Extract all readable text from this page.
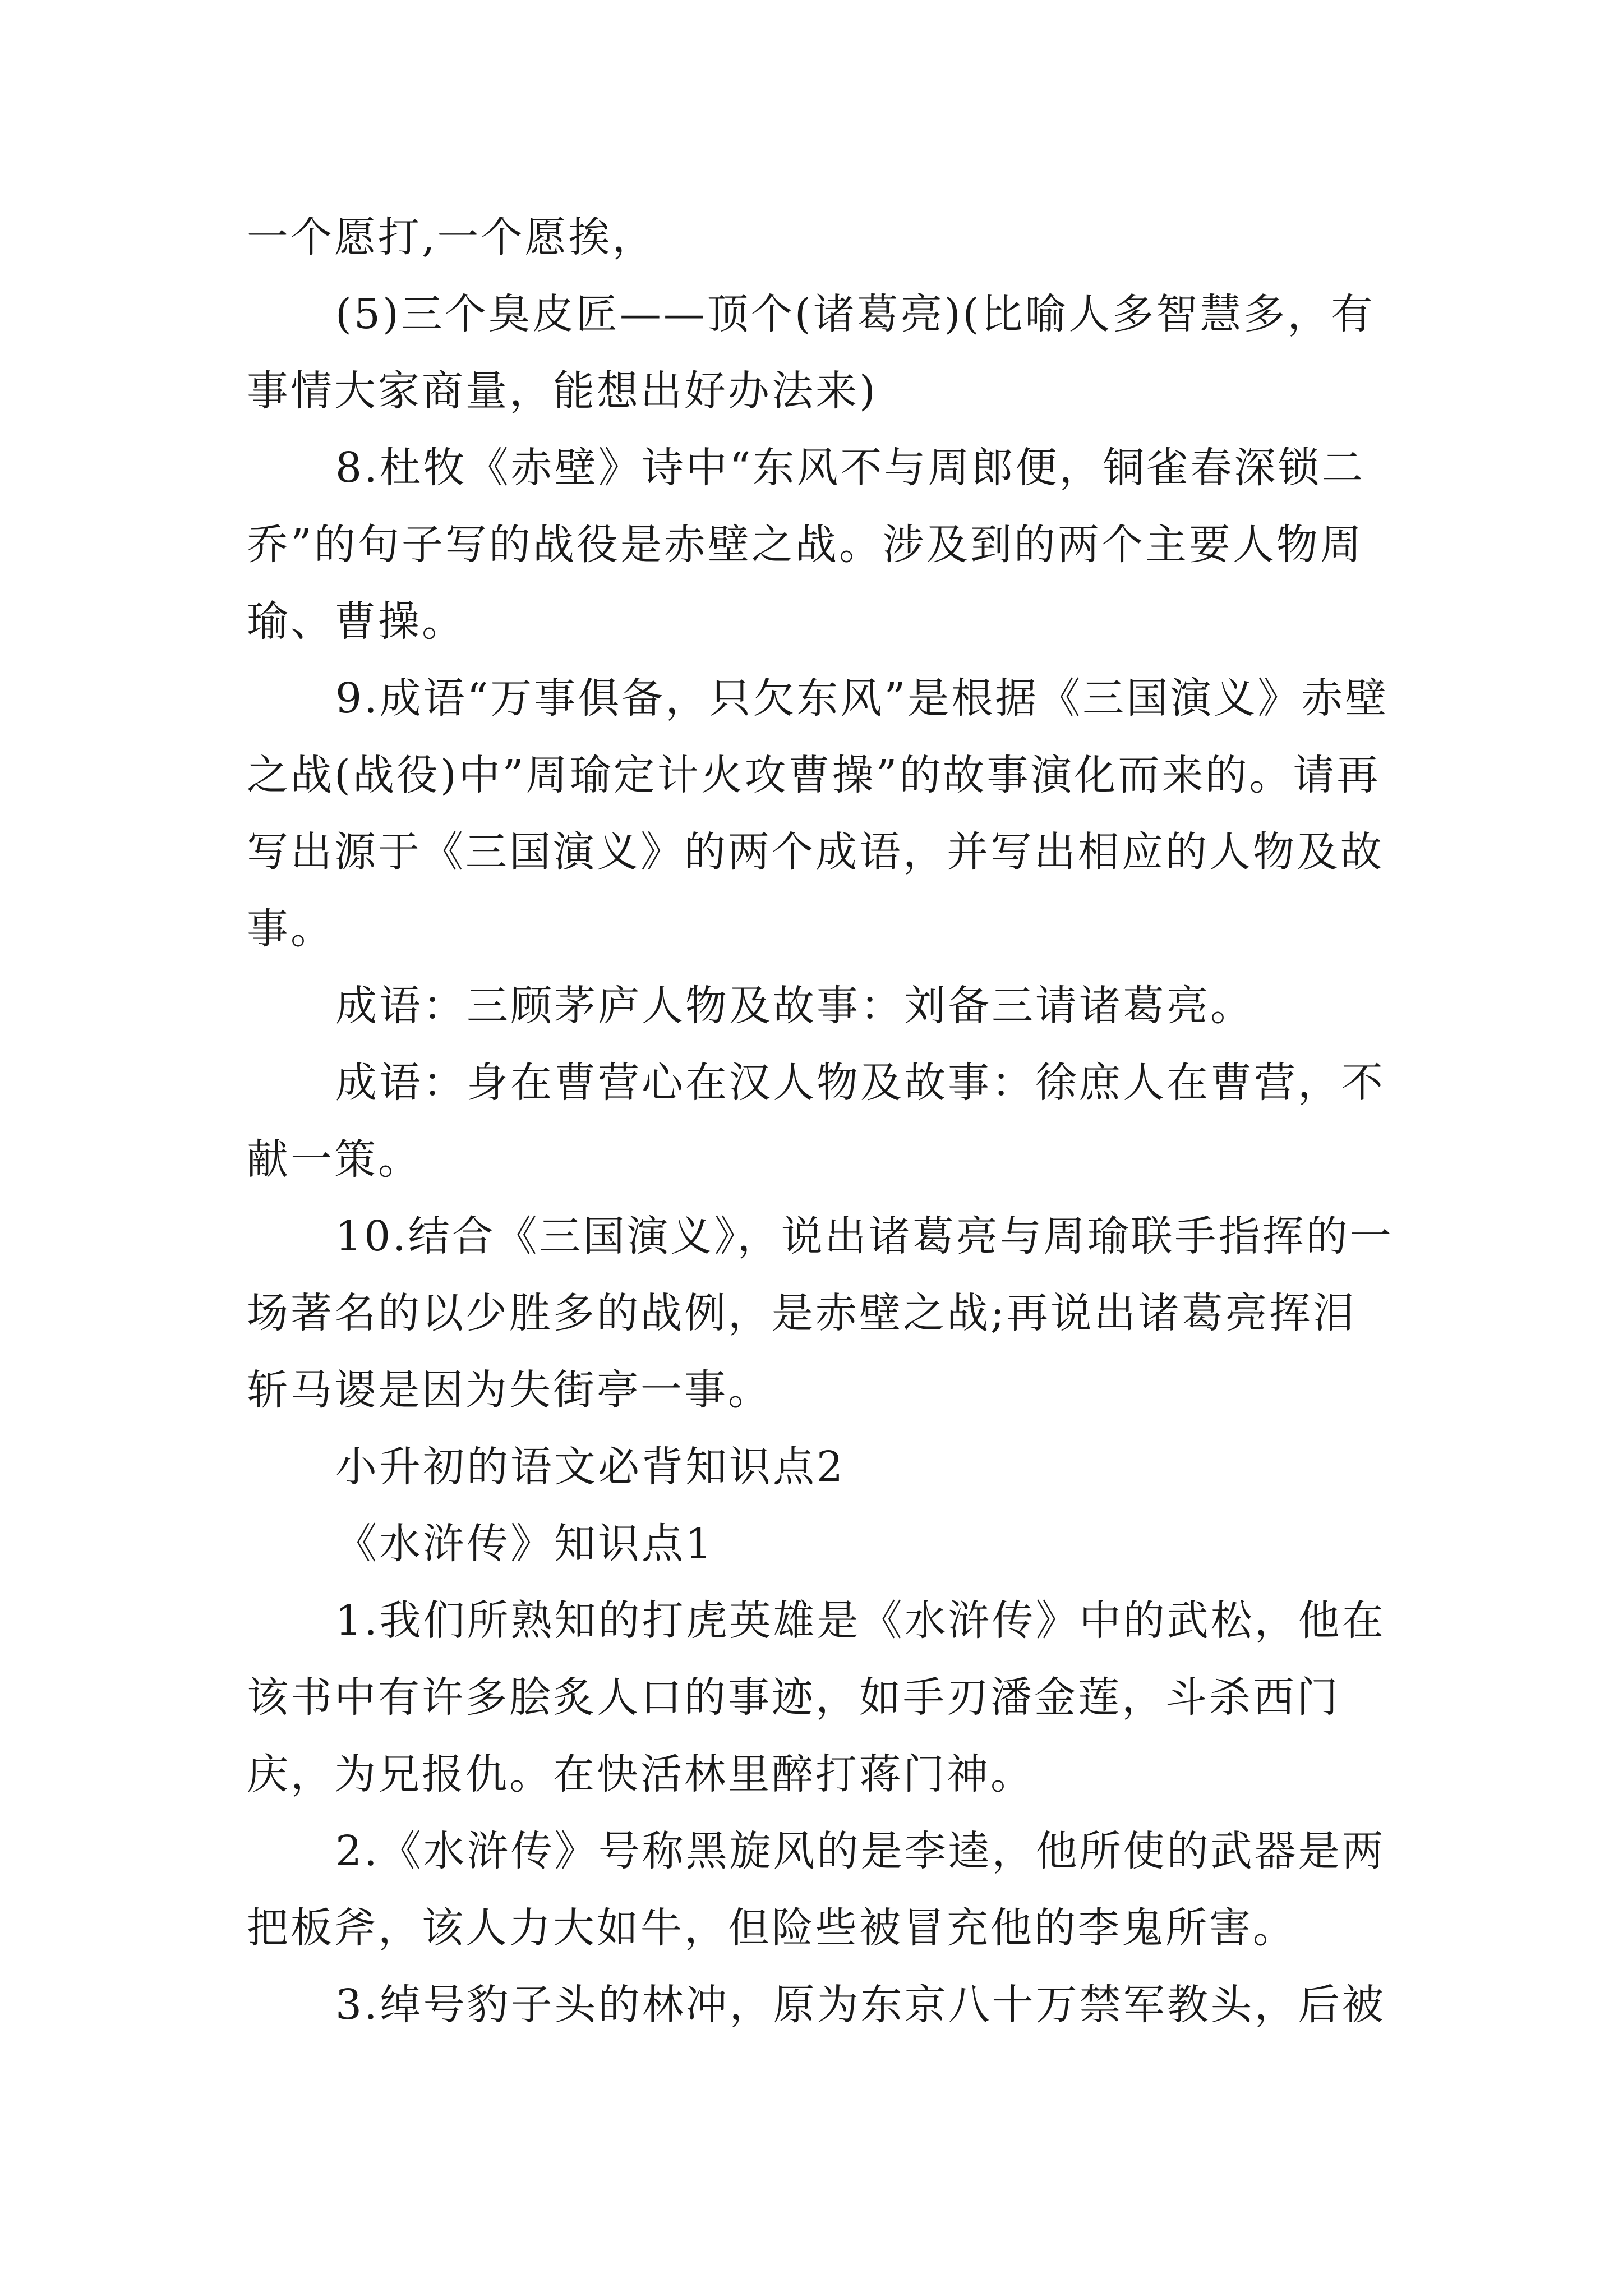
一个愿打,一个愿挨，

(5)三个臭皮匠——顶个(诸葛亮)(比喻人多智慧多，有事情大家商量，能想出好办法来)

8.杜牧《赤壁》诗中“东风不与周郎便，铜雀春深锁二乔”的句子写的战役是赤壁之战。涉及到的两个主要人物周瑜、曹操。

9.成语“万事俱备，只欠东风”是根据《三国演义》赤壁之战(战役)中”周瑜定计火攻曹操”的故事演化而来的。请再写出源于《三国演义》的两个成语，并写出相应的人物及故事。

成语：三顾茅庐人物及故事：刘备三请诸葛亮。

成语：身在曹营心在汉人物及故事：徐庶人在曹营，不献一策。

10.结合《三国演义》，说出诸葛亮与周瑜联手指挥的一场著名的以少胜多的战例，是赤壁之战;再说出诸葛亮挥泪斩马谡是因为失街亭一事。

小升初的语文必背知识点2

《水浒传》知识点1

1.我们所熟知的打虎英雄是《水浒传》中的武松，他在该书中有许多脍炙人口的事迹，如手刃潘金莲，斗杀西门庆，为兄报仇。在快活林里醉打蒋门神。

2.《水浒传》号称黑旋风的是李逵，他所使的武器是两把板斧，该人力大如牛，但险些被冒充他的李鬼所害。

3.绰号豹子头的林冲，原为东京八十万禁军教头，后被
